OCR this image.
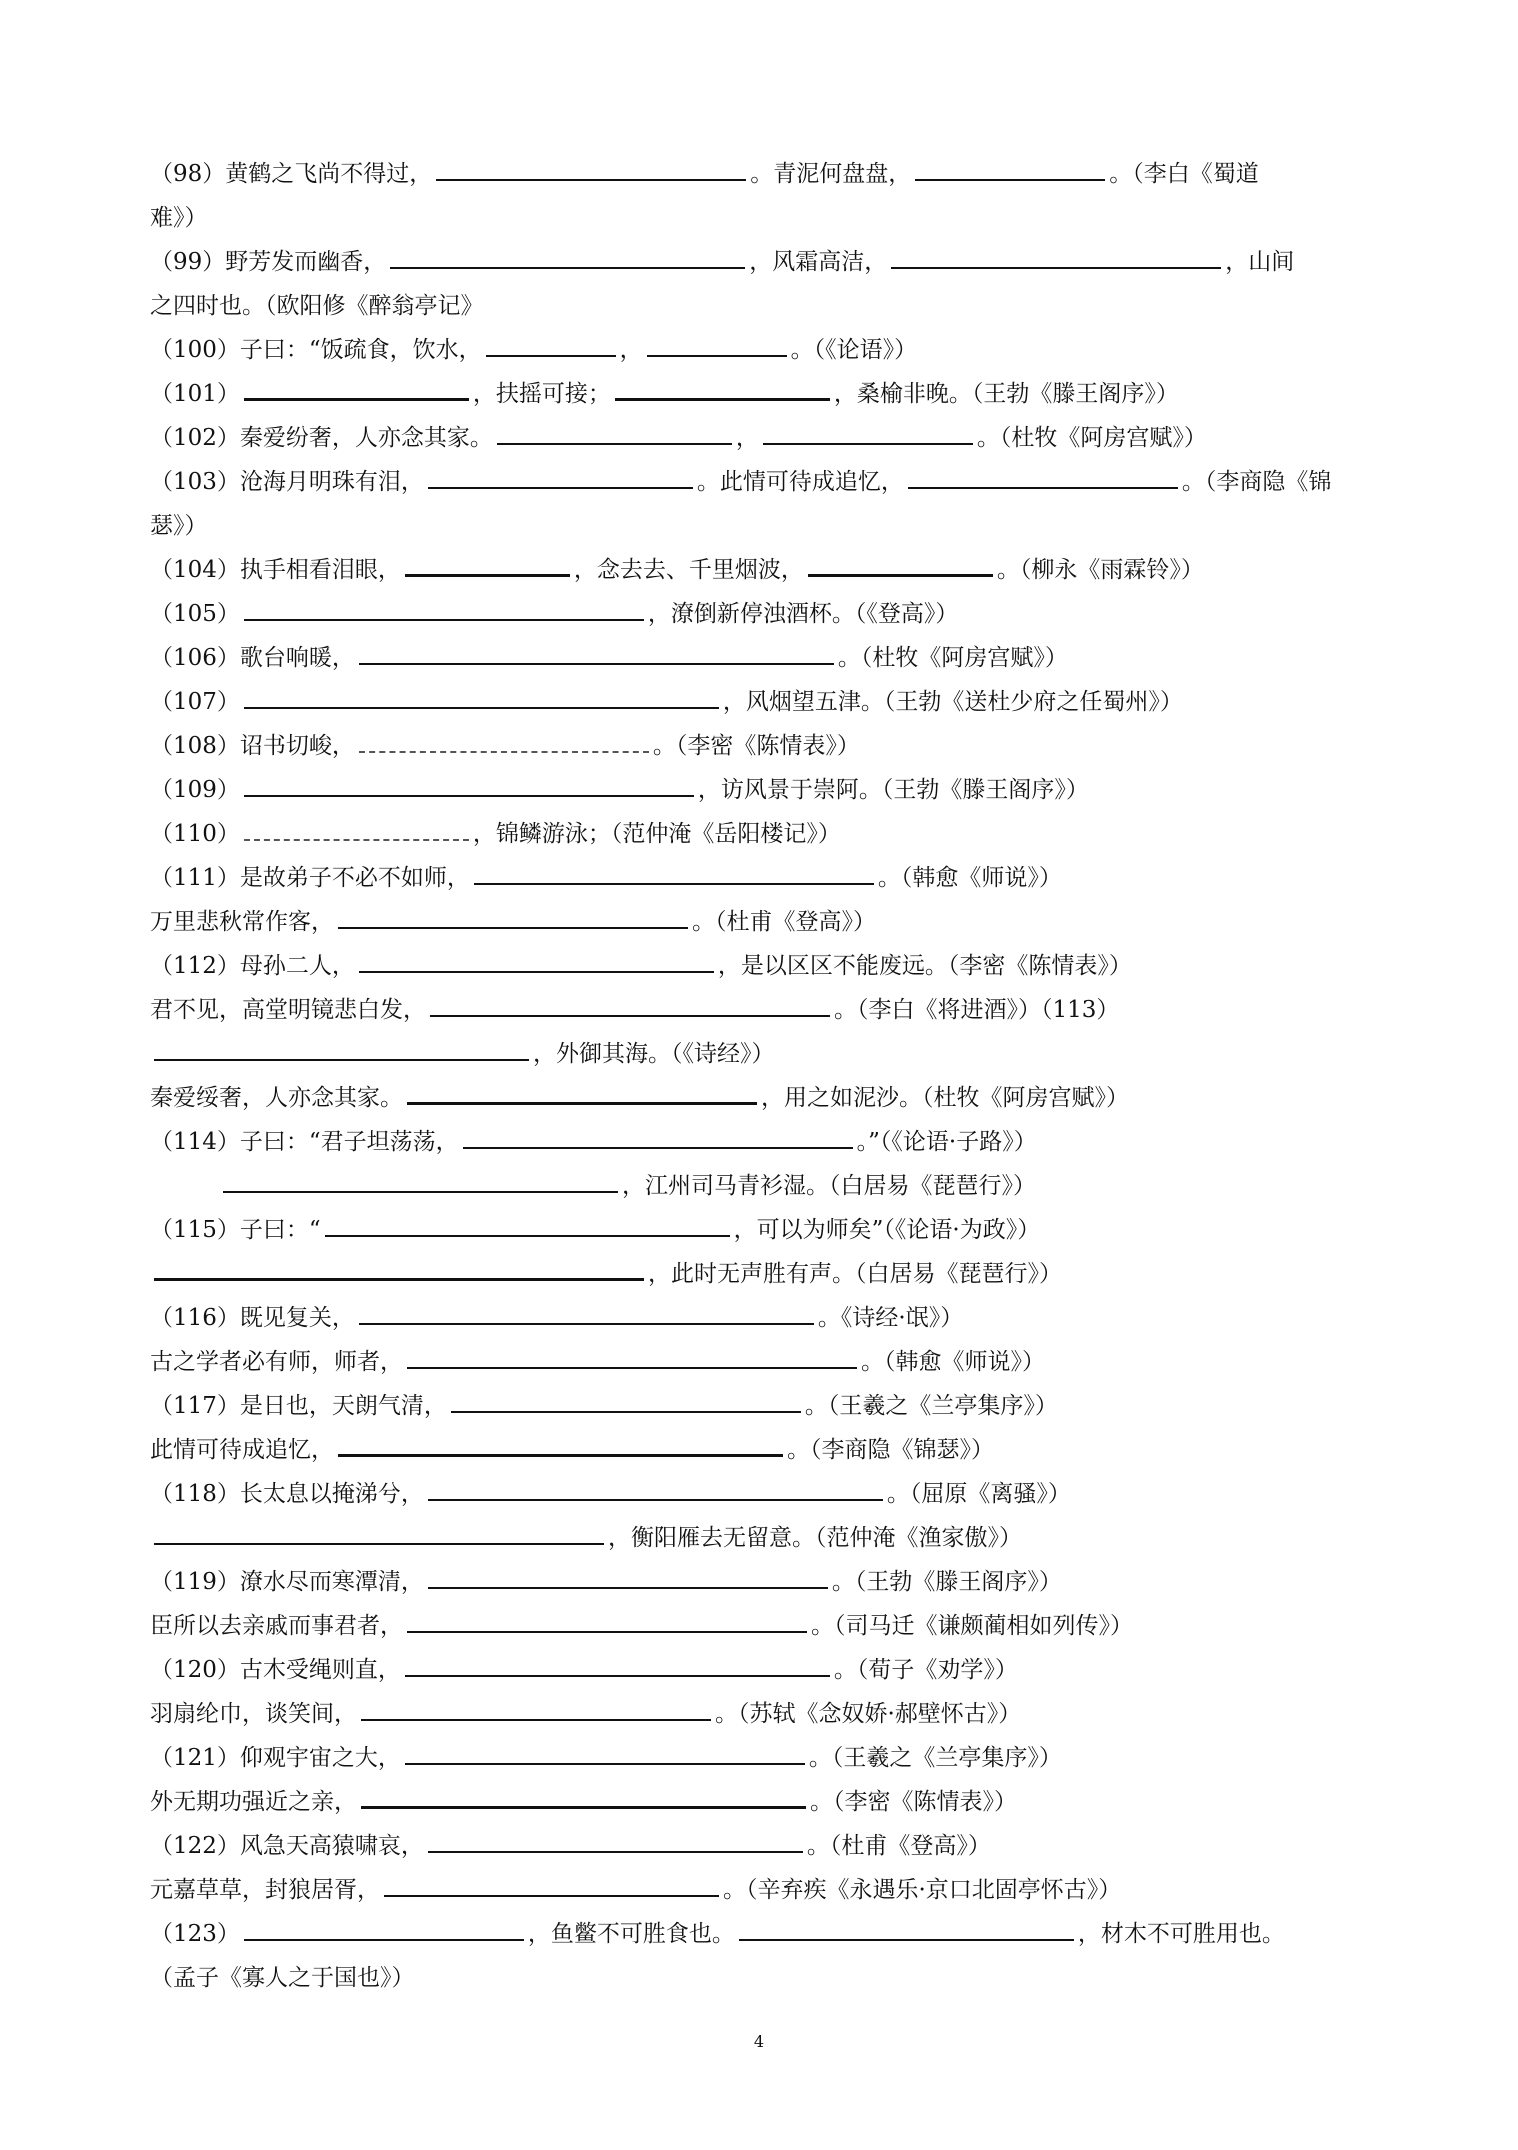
（98）黄鹤之飞尚不得过，	。青泥何盘盘，	。（李白《蜀道
难》）
（99）野芳发而幽香，	，风霜高洁，	，山间
之四时也。（欧阳修《醉翁亭记》
（100）子曰：“饭疏食，饮水，	，	。（《论语》）
（101）	，扶摇可接；	，桑榆非晚。（王勃《滕王阁序》）
（102）秦爱纷奢，人亦念其家。	，	。（杜牧《阿房宫赋》）
（103）沧海月明珠有泪，	。此情可待成追忆，	。（李商隐《锦
瑟》）
（104）执手相看泪眼，	，念去去、千里烟波，	。（柳永《雨霖铃》）
（105）	，潦倒新停浊酒杯。（《登高》）
（106）歌台响暖，	。（杜牧《阿房宫赋》）
（107）	，风烟望五津。（王勃《送杜少府之任蜀州》）
（108）诏书切峻，	。（李密《陈情表》）
（109）	，访风景于崇阿。（王勃《滕王阁序》）
（110）	，锦鳞游泳；（范仲淹《岳阳楼记》）
（111）是故弟子不必不如师，	。（韩愈《师说》）
万里悲秋常作客，	。（杜甫《登高》）
（112）母孙二人，	，是以区区不能废远。（李密《陈情表》）
君不见，高堂明镜悲白发，	。（李白《将进酒》）（113）
，外御其海。（《诗经》）
秦爱绥奢，人亦念其家。	，用之如泥沙。（杜牧《阿房宫赋》）
（114）子曰：“君子坦荡荡，	。”（《论语·子路》）
　　　，江州司马青衫湿。（白居易《琵琶行》）
（115）子曰：“	，可以为师矣”（《论语·为政》）
，此时无声胜有声。（白居易《琵琶行》）
（116）既见复关，	。《诗经·氓》）
古之学者必有师，师者，	。（韩愈《师说》）
（117）是日也，天朗气清，	。（王羲之《兰亭集序》）
此情可待成追忆，	。（李商隐《锦瑟》）
（118）长太息以掩涕兮，	。（屈原《离骚》）
，衡阳雁去无留意。（范仲淹《渔家傲》）
（119）潦水尽而寒潭清，	。（王勃《滕王阁序》）
臣所以去亲戚而事君者，	。（司马迁《谦颇蔺相如列传》）
（120）古木受绳则直，	。（荀子《劝学》）
羽扇纶巾，谈笑间，	。（苏轼《念奴娇·郝壁怀古》）
（121）仰观宇宙之大，	。（王羲之《兰亭集序》）
外无期功强近之亲，	。（李密《陈情表》）
（122）风急天高猿啸哀，	。（杜甫《登高》）
元嘉草草，封狼居胥，	。（辛弃疾《永遇乐·京口北固亭怀古》）
（123）	，鱼鳖不可胜食也。	，材木不可胜用也。
（孟子《寡人之于国也》）
4
